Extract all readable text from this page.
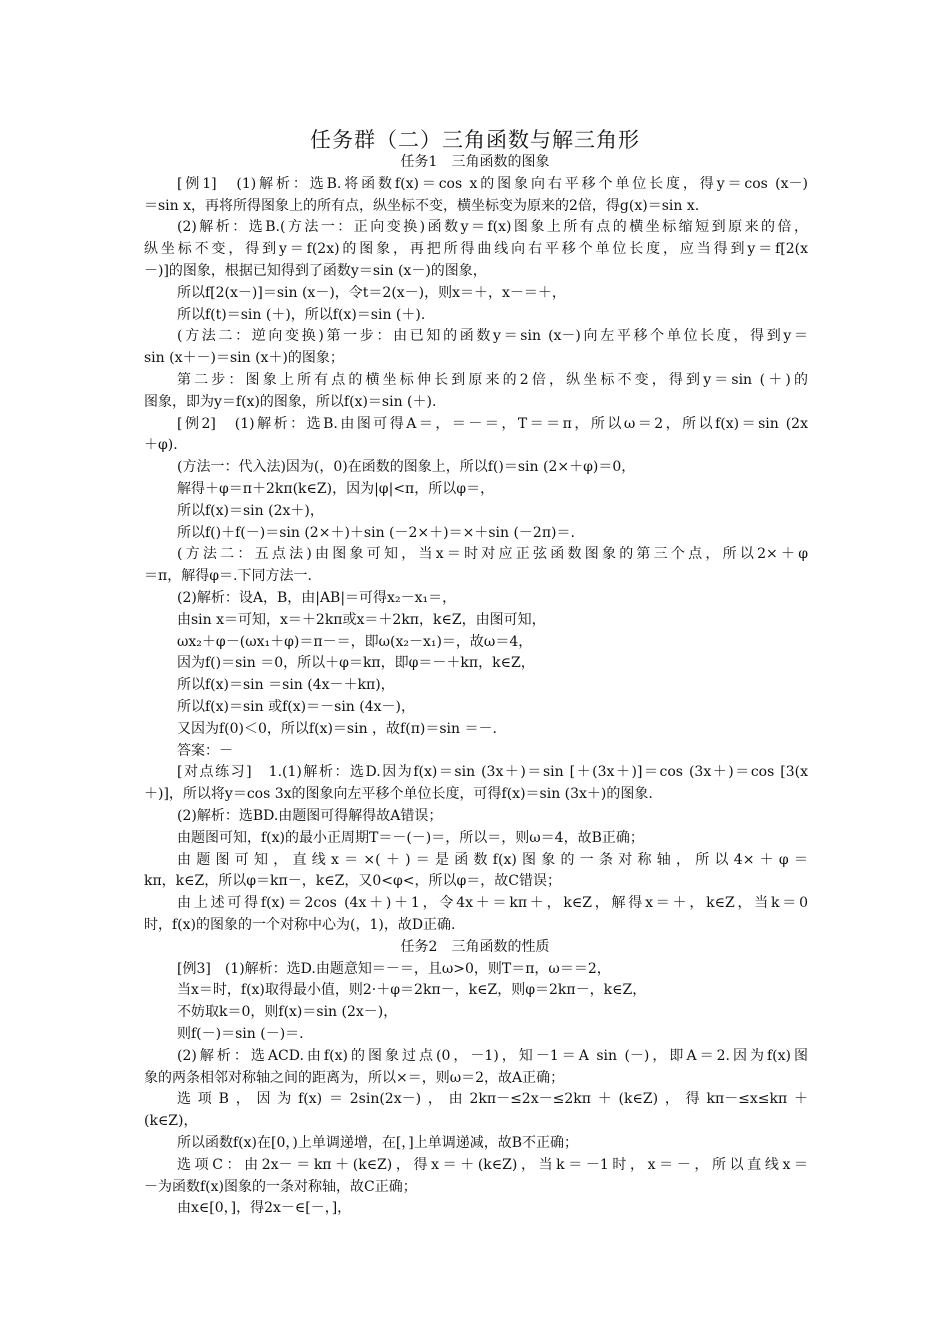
任务群（二）三角函数与解三角形
任务1　三角函数的图象
[例1]　(1)解析：选B.将函数f(x)＝cos x的图象向右平移个单位长度，得y＝cos (x－)
＝sin x，再将所得图象上的所有点，纵坐标不变，横坐标变为原来的2倍，得g(x)＝sin x.
(2)解析：选B.(方法一：正向变换)函数y＝f(x)图象上所有点的横坐标缩短到原来的倍，
纵坐标不变，得到y＝f(2x)的图象，再把所得曲线向右平移个单位长度，应当得到y＝f[2(x
－)]的图象，根据已知得到了函数y＝sin (x－)的图象，
所以f[2(x－)]＝sin (x－)，令t＝2(x－)，则x＝＋，x－＝＋，
所以f(t)＝sin (＋)，所以f(x)＝sin (＋).
(方法二：逆向变换)第一步：由已知的函数y＝sin (x－)向左平移个单位长度，得到y＝
sin (x＋－)＝sin (x＋)的图象；
第二步：图象上所有点的横坐标伸长到原来的2倍，纵坐标不变，得到y＝sin (＋)的
图象，即为y＝f(x)的图象，所以f(x)＝sin (＋).
[例2]　(1)解析：选B.由图可得A＝，＝－＝，T＝＝π，所以ω＝2，所以f(x)＝sin (2x
＋φ).
(方法一：代入法)因为(，0)在函数的图象上，所以f()＝sin (2×＋φ)＝0，
解得＋φ＝π＋2kπ(k∈Z)，因为|φ|<π，所以φ＝，
所以f(x)＝sin (2x＋)，
所以f()＋f(－)＝sin (2×＋)＋sin (－2×＋)＝×＋sin (－2π)＝.
(方法二：五点法)由图象可知，当x＝时对应正弦函数图象的第三个点，所以2×＋φ
＝π，解得φ＝.下同方法一.
(2)解析：设A，B，由|AB|＝可得x₂－x₁＝，
由sin x＝可知，x＝＋2kπ或x＝＋2kπ，k∈Z，由图可知，
ωx₂＋φ－(ωx₁＋φ)＝π－＝，即ω(x₂－x₁)＝，故ω＝4，
因为f()＝sin ＝0，所以＋φ＝kπ，即φ＝－＋kπ，k∈Z，
所以f(x)＝sin ＝sin (4x－＋kπ)，
所以f(x)＝sin 或f(x)＝－sin (4x－)，
又因为f(0)＜0，所以f(x)＝sin ，故f(π)＝sin ＝－.
答案：－
[对点练习]　1.(1)解析：选D.因为f(x)＝sin (3x＋)＝sin [＋(3x＋)]＝cos (3x＋)＝cos [3(x
＋)]，所以将y＝cos 3x的图象向左平移个单位长度，可得f(x)＝sin (3x＋)的图象.
(2)解析：选BD.由题图可得解得故A错误；
由题图可知，f(x)的最小正周期T＝－(－)＝，所以＝，则ω＝4，故B正确；
由题图可知，直线x＝×(＋)＝是函数f(x)图象的一条对称轴，所以4×＋φ＝
kπ，k∈Z，所以φ＝kπ－，k∈Z，又0<φ<，所以φ＝，故C错误；
由上述可得f(x)＝2cos (4x＋)＋1，令4x＋＝kπ＋，k∈Z，解得x＝＋，k∈Z，当k＝0
时，f(x)的图象的一个对称中心为(，1)，故D正确.
任务2　三角函数的性质
[例3]　(1)解析：选D.由题意知＝－＝，且ω>0，则T＝π，ω＝＝2，
当x＝时，f(x)取得最小值，则2·＋φ＝2kπ－，k∈Z，则φ＝2kπ－，k∈Z，
不妨取k＝0，则f(x)＝sin (2x－)，
则f(－)＝sin (－)＝.
(2)解析：选ACD.由f(x)的图象过点(0，－1)，知－1＝A sin (－)，即A＝2.因为f(x)图
象的两条相邻对称轴之间的距离为，所以×＝，则ω＝2，故A正确；
选项B，因为f(x)＝2sin(2x－)，由2kπ－≤2x－≤2kπ＋(k∈Z)，得kπ－≤x≤kπ＋
(k∈Z)，
所以函数f(x)在[0，)上单调递增，在[，]上单调递减，故B不正确；
选项C：由2x－＝kπ＋(k∈Z)，得x＝＋(k∈Z)，当k＝－1时，x＝－，所以直线x＝
－为函数f(x)图象的一条对称轴，故C正确；
由x∈[0，]，得2x－∈[－，]，
